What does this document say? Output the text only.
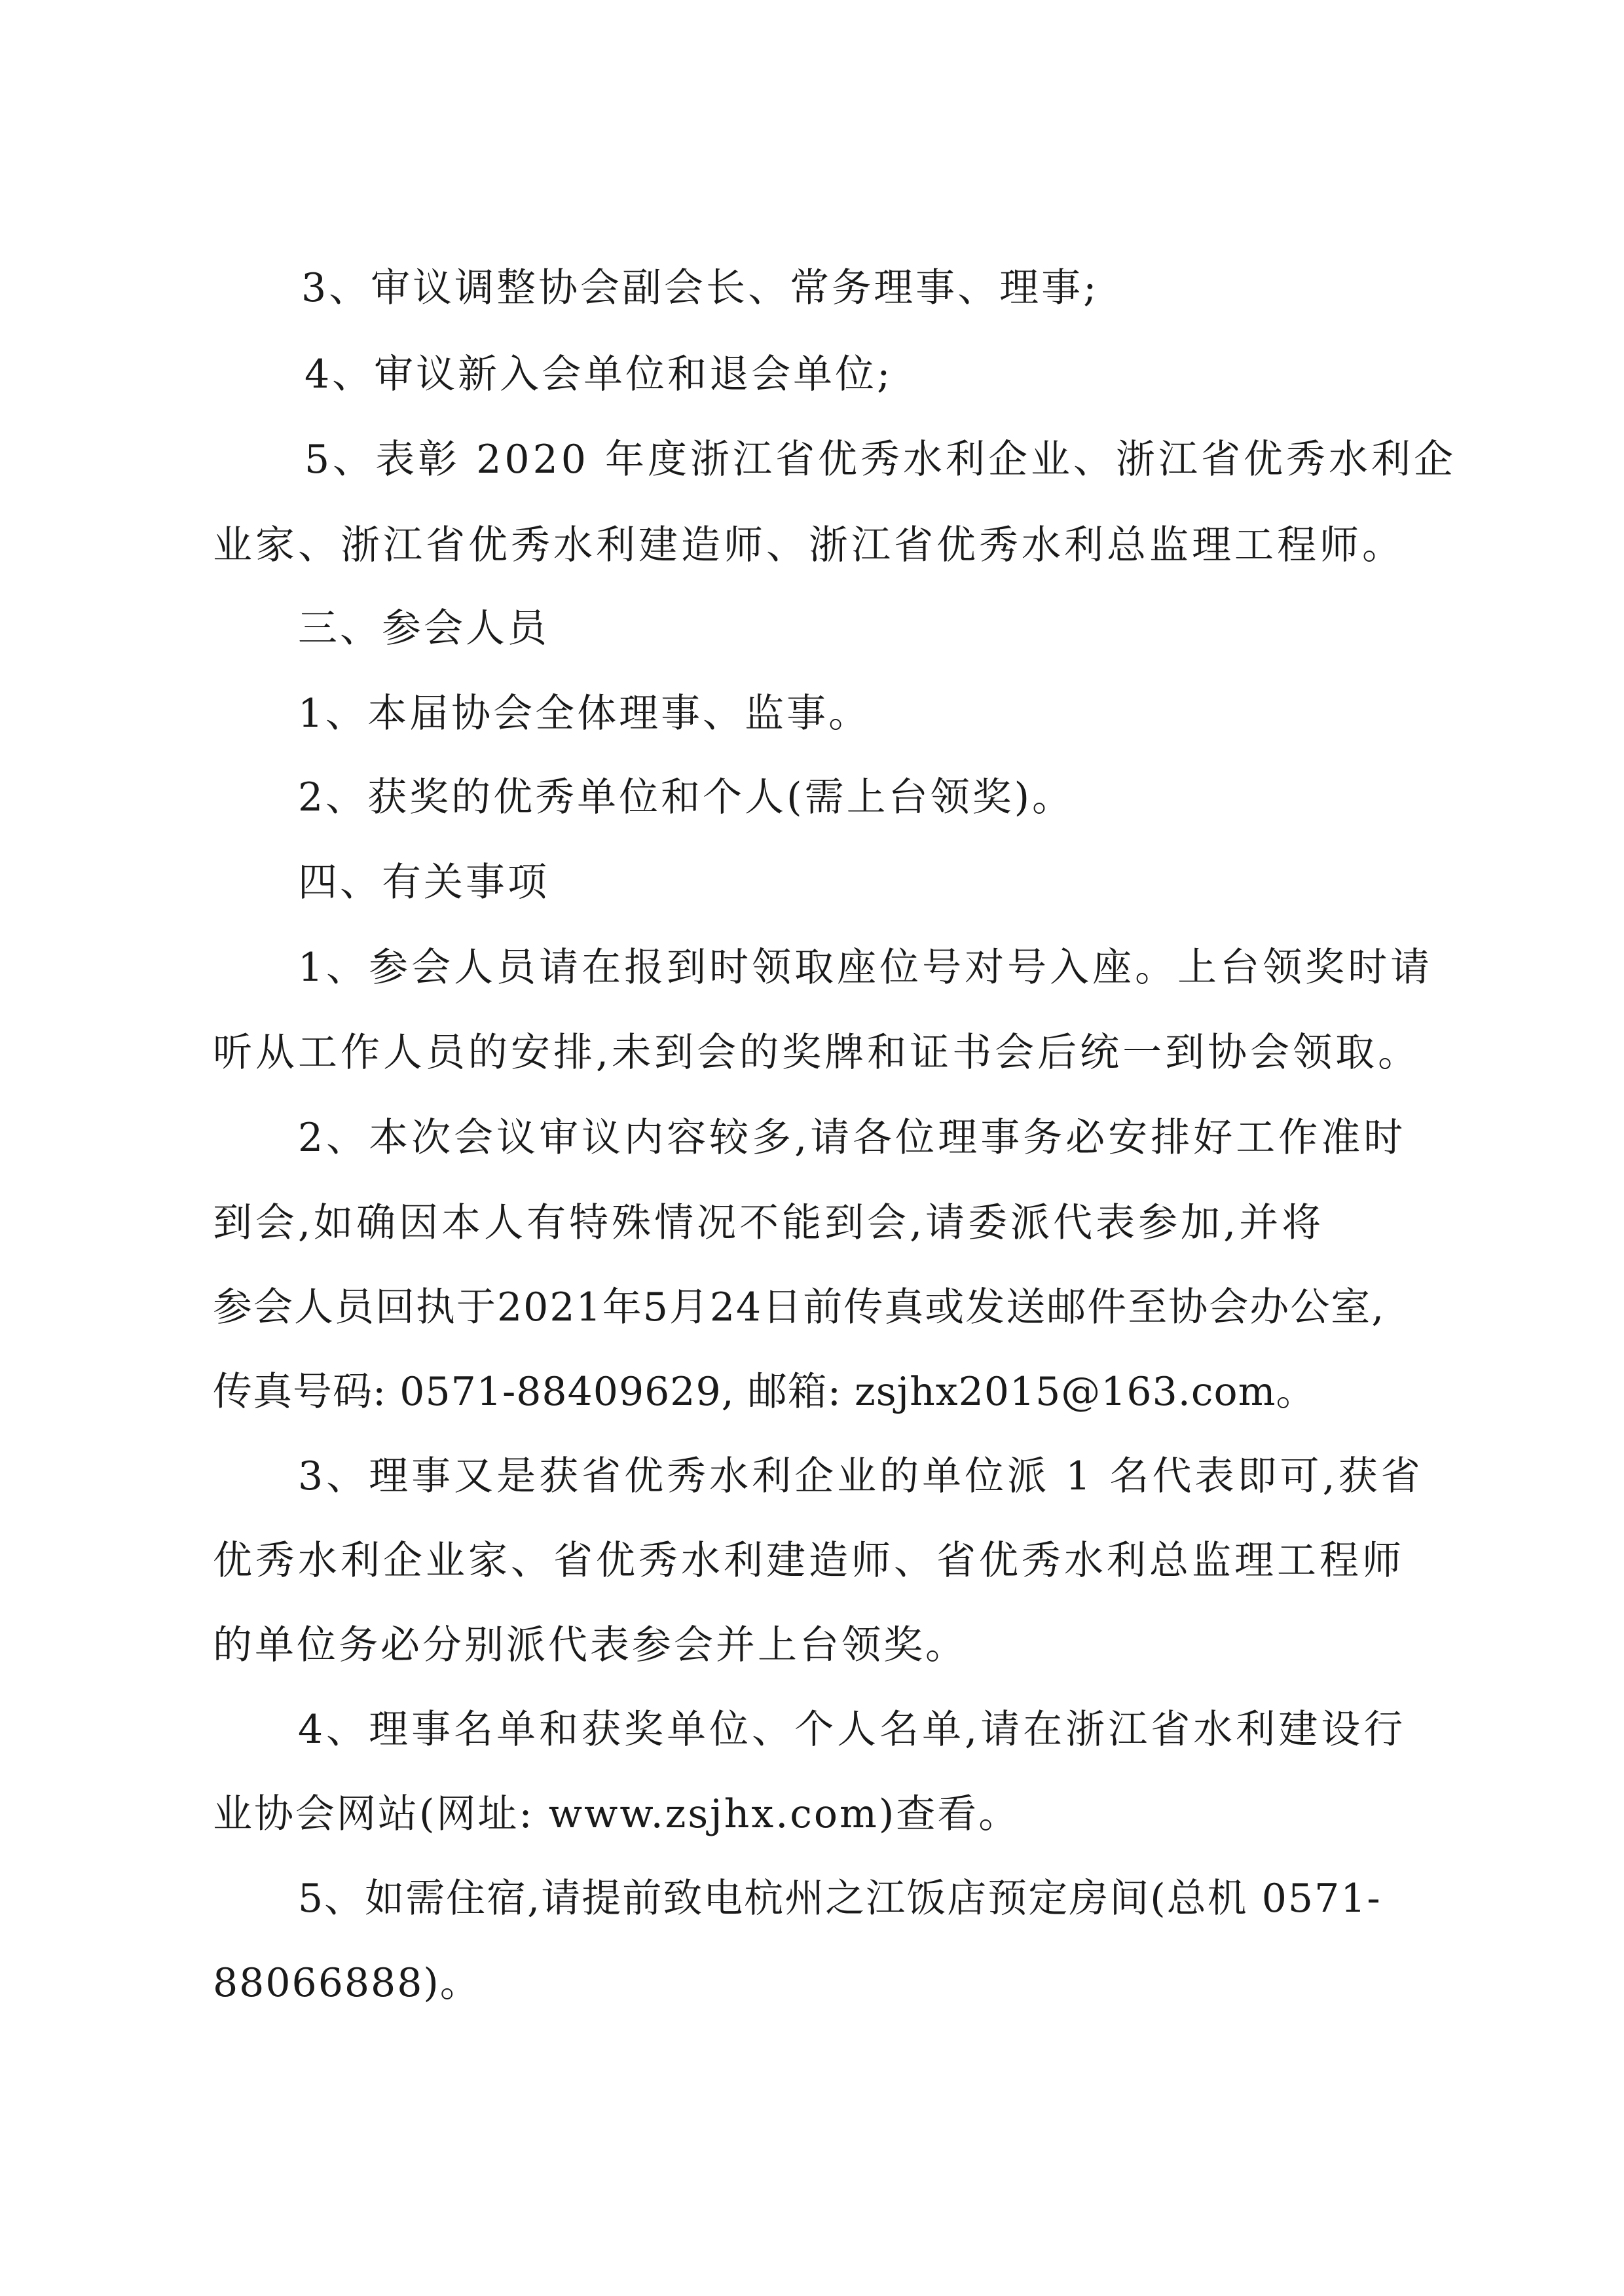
3、审议调整协会副会长、常务理事、理事;
4、审议新入会单位和退会单位;
5、表彰 2020 年度浙江省优秀水利企业、浙江省优秀水利企
业家、浙江省优秀水利建造师、浙江省优秀水利总监理工程师。
三、参会人员
1、本届协会全体理事、监事。
2、获奖的优秀单位和个人(需上台领奖)。
四、有关事项
1、参会人员请在报到时领取座位号对号入座。上台领奖时请
听从工作人员的安排,未到会的奖牌和证书会后统一到协会领取。
2、本次会议审议内容较多,请各位理事务必安排好工作准时
到会,如确因本人有特殊情况不能到会,请委派代表参加,并将
参会人员回执于2021年5月24日前传真或发送邮件至协会办公室,
传真号码: 0571-88409629, 邮箱: zsjhx2015@163.com。
3、理事又是获省优秀水利企业的单位派 1 名代表即可,获省
优秀水利企业家、省优秀水利建造师、省优秀水利总监理工程师
的单位务必分别派代表参会并上台领奖。
4、理事名单和获奖单位、个人名单,请在浙江省水利建设行
业协会网站(网址: www.zsjhx.com)查看。
5、如需住宿,请提前致电杭州之江饭店预定房间(总机 0571-
88066888)。
